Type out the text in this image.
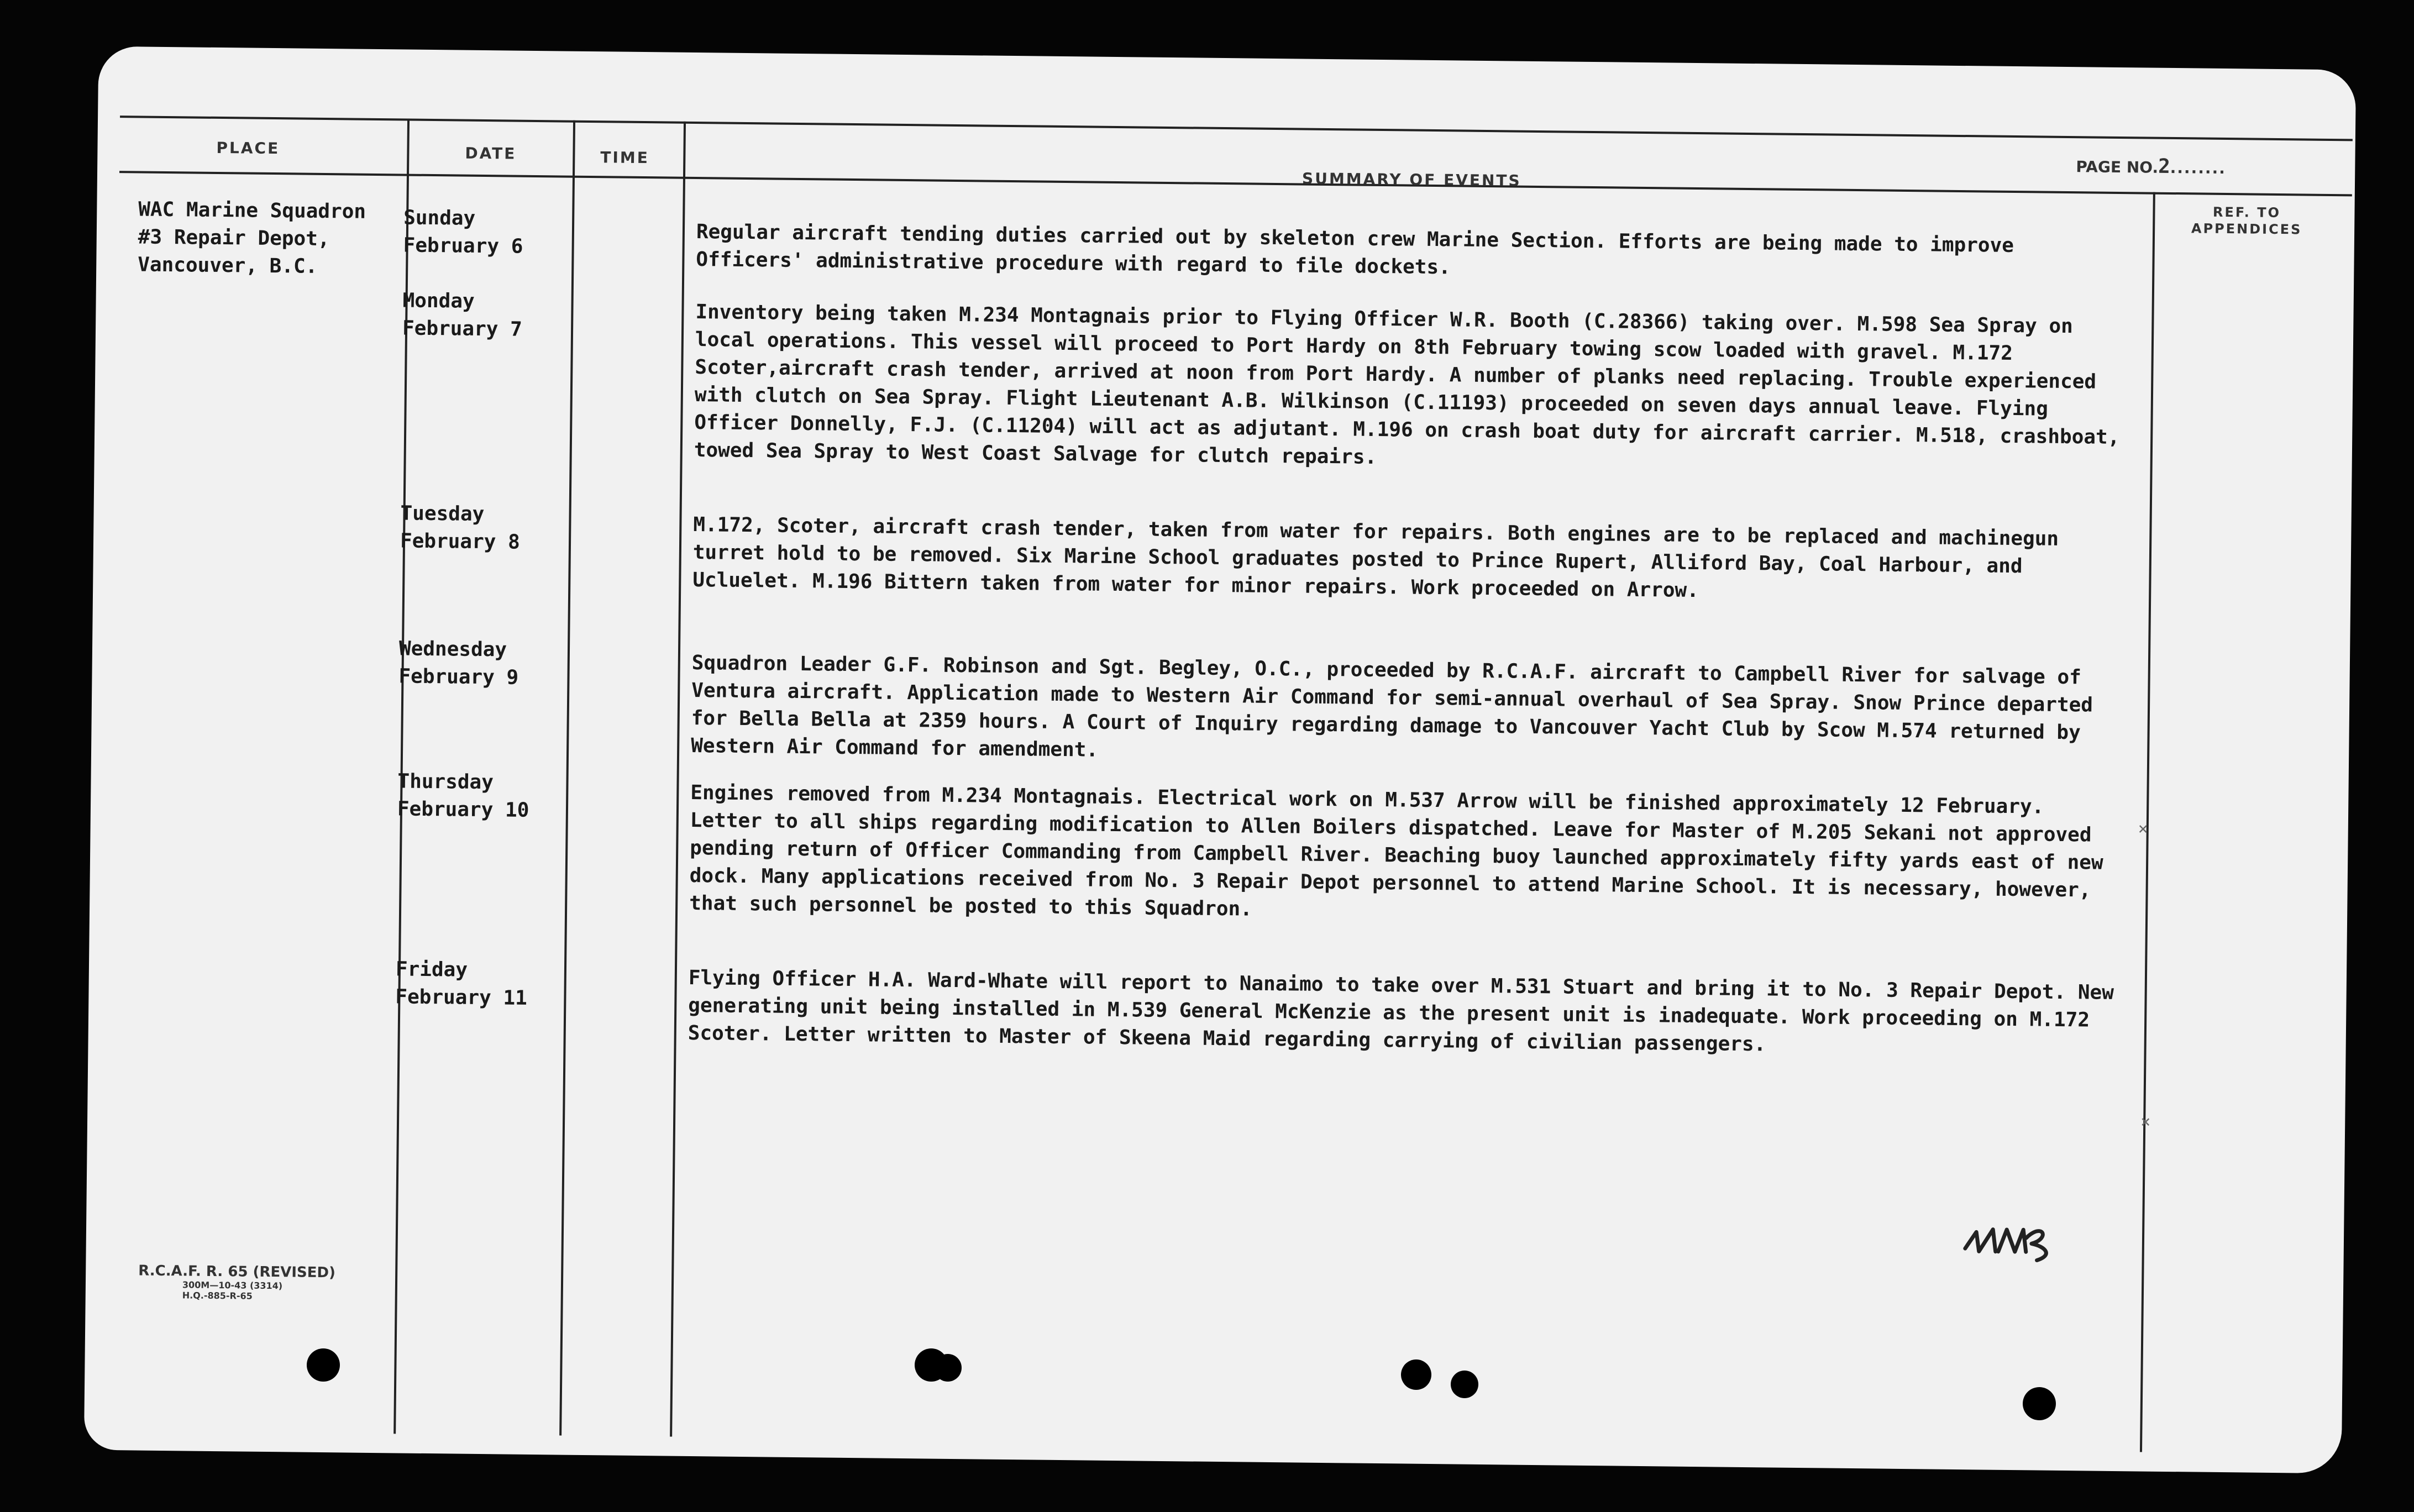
PLACE	DATE	TIME
SUMMARY OF EVENTS
PAGE NO.2........
REF. TO
APPENDICES
WAC Marine Squadron
#3 Repair Depot,
Vancouver, B.C.
Sunday
February 6	Regular aircraft tending duties carried out by skeleton crew Marine Section. Efforts are being made to improve Officers' administrative procedure with regard to file dockets.
Monday
February 7	Inventory being taken M.234 Montagnais prior to Flying Officer W.R. Booth (C.28366) taking over. M.598 Sea Spray on local operations. This vessel will proceed to Port Hardy on 8th February towing scow loaded with gravel. M.172 Scoter,aircraft crash tender, arrived at noon from Port Hardy. A number of planks need replacing. Trouble experienced with clutch on Sea Spray. Flight Lieutenant A.B. Wilkinson (C.11193) proceeded on seven days annual leave. Flying Officer Donnelly, F.J. (C.11204) will act as adjutant. M.196 on crash boat duty for aircraft carrier. M.518, crashboat, towed Sea Spray to West Coast Salvage for clutch repairs.
Tuesday
February 8	M.172, Scoter, aircraft crash tender, taken from water for repairs. Both engines are to be replaced and machinegun turret hold to be removed. Six Marine School graduates posted to Prince Rupert, Alliford Bay, Coal Harbour, and Ucluelet. M.196 Bittern taken from water for minor repairs. Work proceeded on Arrow.
Wednesday
February 9	Squadron Leader G.F. Robinson and Sgt. Begley, O.C., proceeded by R.C.A.F. aircraft to Campbell River for salvage of Ventura aircraft. Application made to Western Air Command for semi-annual overhaul of Sea Spray. Snow Prince departed for Bella Bella at 2359 hours. A Court of Inquiry regarding damage to Vancouver Yacht Club by Scow M.574 returned by Western Air Command for amendment.
Thursday
February 10	Engines removed from M.234 Montagnais. Electrical work on M.537 Arrow will be finished approximately 12 February. Letter to all ships regarding modification to Allen Boilers dispatched. Leave for Master of M.205 Sekani not approved pending return of Officer Commanding from Campbell River. Beaching buoy launched approximately fifty yards east of new dock. Many applications received from No. 3 Repair Depot personnel to attend Marine School. It is necessary, however, that such personnel be posted to this Squadron.
Friday
February 11	Flying Officer H.A. Ward-Whate will report to Nanaimo to take over M.531 Stuart and bring it to No. 3 Repair Depot. New generating unit being installed in M.539 General McKenzie as the present unit is inadequate. Work proceeding on M.172 Scoter. Letter written to Master of Skeena Maid regarding carrying of civilian passengers.
R.C.A.F. R. 65 (REVISED)
300M—10-43 (3314)
H.Q.-885-R-65
×
×
